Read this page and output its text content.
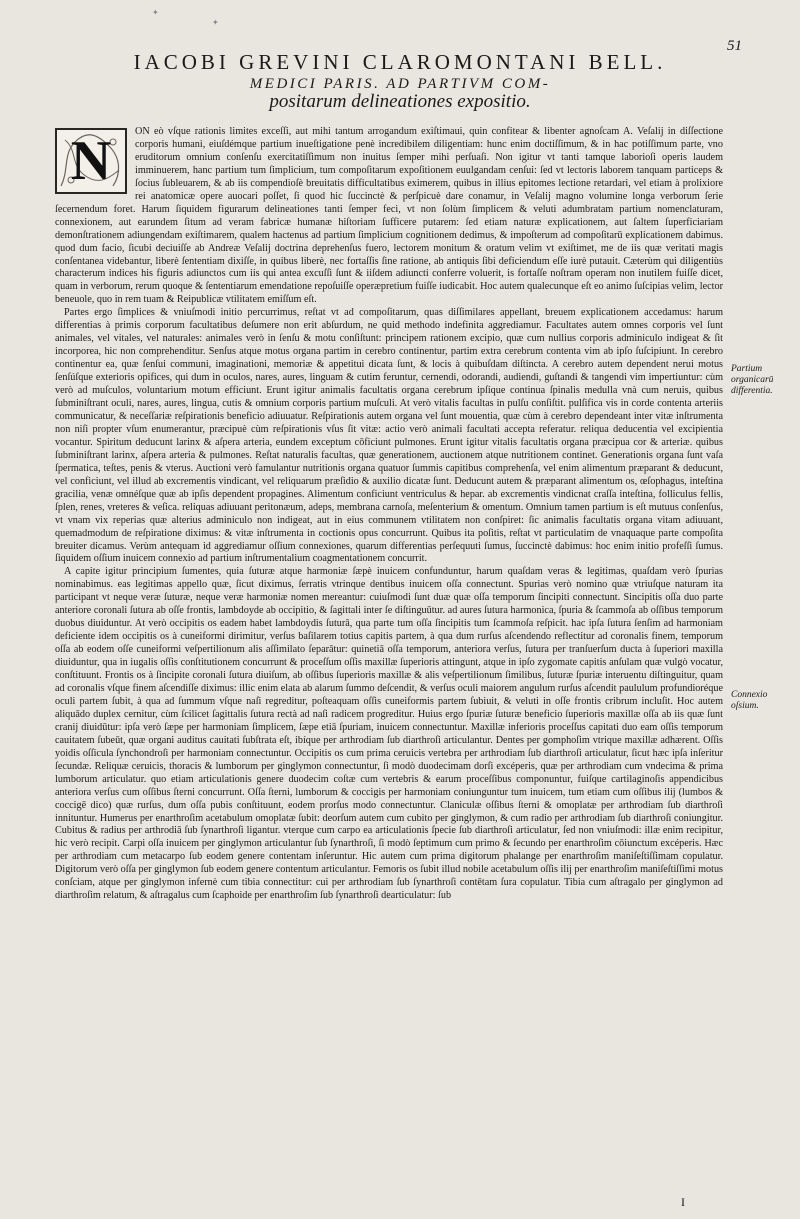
✦
✦
51
IACOBI GREVINI CLAROMONTANI BELL.
MEDICI PARIS. AD PARTIVM COM-
positarum delineationes expositio.
N	ON eò vſque rationis limites exceſſi, aut mihi tantum arrogandum exiſtimaui, quin confitear & libenter agnoſcam A. Veſalij in diſſectione corporis humani, eiuſdémque partium inueſtigatione penè incredibilem diligentiam: hunc enim doctiſſimum, & in hac potiſſimum parte, vno eruditorum omnium conſenſu exercitatiſſimum non inuitus ſemper mihi perſuaſi. Non igitur vt tanti tamque laborioſi operis laudem imminuerem, hanc partium tum ſimplicium, tum compoſitarum expoſitionem euulgandam cenſui: ſed vt lectoris laborem tanquam particeps & ſocius ſubleuarem, & ab iis compendioſè breuitatis difficultatibus eximerem, quibus in illius epitomes lectione retardari, vel etiam à prolixiore rei anatomicæ opere auocari poſſet, ſi quod hic ſuccinctè & perſpicuè dare conamur, in Veſalij magno volumine longa verborum ſerie ſecernendum foret. Harum ſiquidem figurarum delineationes tanti ſemper feci, vt non ſolùm ſimplicem & veluti adumbratam partium nomenclaturam, connexionem, aut earundem ſitum ad veram fabricæ humanæ hiſtoriam ſufficere putarem: ſed etiam naturæ explicationem, aut ſaltem ſuperficiariam demonſtrationem adiungendam exiſtimarem, qualem hactenus ad partium ſimplicium cognitionem dedimus, & impoſterum ad compoſitarū explicationem dabimus. quod dum facio, ſicubi deciuiſſe ab Andreæ Veſalij doctrina deprehenſus fuero, lectorem monitum & oratum velim vt exiſtimet, me de iis quæ veritati magis conſentanea videbantur, liberè ſententiam dixiſſe, in quibus liberè, nec fortaſſis ſine ratione, ab antiquis ſibi deficiendum eſſe iurè putauit. Cæterùm qui diligentiùs characterum indices his figuris adiunctos cum iis qui antea excuſſi ſunt & iiſdem adiuncti conferre voluerit, is fortaſſe noſtram operam non inutilem fuiſſe dicet, quam in verborum, rerum quoque & ſententiarum emendatione repoſuiſſe operæpretium fuiſſe iudicabit. Hoc autem qualecunque eſt eo animo ſuſcipias velim, lector beneuole, quo in rem tuam & Reipublicæ vtilitatem emiſſum eſt.

Partes ergo ſimplices & vniuſmodi initio percurrimus, reſtat vt ad compoſitarum, quas diſſimilares appellant, breuem explicationem accedamus: harum differentias à primis corporum facultatibus deſumere non erit abſurdum, ne quid methodo indefinita aggrediamur. Facultates autem omnes corporis vel ſunt animales, vel vitales, vel naturales: animales verò in ſenſu & motu conſiſtunt: principem rationem excipio, quæ cum nullius corporis adminiculo indigeat & ſit incorporea, hic non comprehenditur. Senſus atque motus organa partim in cerebro continentur, partim extra cerebrum contenta vim ab ipſo ſuſcipiunt. In cerebro continentur ea, quæ ſenſui communi, imaginationi, memoriæ & appetitui dicata ſunt, & locis à quibuſdam diſtincta. A cerebro autem dependent nerui motus ſenſúſque exterioris opifices, qui dum in oculos, nares, aures, linguam & cutim feruntur, cernendi, odorandi, audiendi, guſtandi & tangendi vim impertiuntur: cùm verò ad muſculos, voluntarium motum efficiunt. Erunt igitur animalis facultatis organa cerebrum ipſíque continua ſpinalis medulla vnà cum neruis, quibus ſubminiſtrant oculi, nares, aures, lingua, cutis & omnium corporis partium muſculi. At verò vitalis facultas in pulſu conſiſtit. pulſifica vis in corde contenta arteriis communicatur, & neceſſariæ reſpirationis beneficio adiuuatur. Reſpirationis autem organa vel ſunt mouentia, quæ cùm à cerebro dependeant inter vitæ inſtrumenta non niſi propter vſum enumerantur, præcipuè cùm reſpirationis vſus ſit vitæ: actio verò animali facultati accepta referatur. reliqua deducentia vel excipientia vocantur. Spiritum deducunt larinx & aſpera arteria, eundem exceptum cōficiunt pulmones. Erunt igitur vitalis facultatis organa præcipua cor & arteriæ. quibus ſubminiſtrant larinx, aſpera arteria & pulmones. Reſtat naturalis facultas, quæ generationem, auctionem atque nutritionem continet. Generationis organa ſunt vaſa ſpermatica, teſtes, penis & vterus. Auctioni verò famulantur nutritionis organa quatuor ſummis capitibus comprehenſa, vel enim alimentum præparant & deducunt, vel conficiunt, vel illud ab excrementis vindicant, vel reliquarum præſidio & auxilio dicatæ ſunt. Deducunt autem & præparant alimentum os, œſophagus, inteſtina gracilia, venæ omnéſque quæ ab ipſis dependent propagines. Alimentum conficiunt ventriculus & hepar. ab excrementis vindicnat craſſa inteſtina, folliculus fellis, ſplen, renes, vreteres & veſica. reliquas adiuuant peritonæum, adeps, membrana carnoſa, meſenterium & omentum. Omnium tamen partium is eſt mutuus conſenſus, vt vnam vix reperias quæ alterius adminiculo non indigeat, aut in eius communem vtilitatem non conſpiret: ſic animalis facultatis organa vitam adiuuant, quemadmodum de reſpiratione diximus: & vitæ inſtrumenta in coctionis opus concurrunt. Quibus ita poſitis, reſtat vt particulatim de vnaquaque parte compoſita breuiter dicamus. Verùm antequam id aggrediamur oſſium connexiones, quarum differentias perſequuti ſumus, ſuccinctè dabimus: hoc enim initio profeſſi ſumus. ſiquidem oſſium inuicem connexio ad partium inſtrumentalium coagmentationem concurrit.

A capite igitur principium ſumentes, quia ſuturæ atque harmoniæ ſæpè inuicem confunduntur, harum quaſdam veras & legitimas, quaſdam verò ſpurias nominabimus. eas legitimas appello quæ, ſicut diximus, ſerratis vtrinque dentibus inuicem oſſa connectunt. Spurias verò nomino quæ vtriuſque naturam ita participant vt neque veræ ſuturæ, neque veræ harmoniæ nomen mereantur: cuiuſmodi ſunt duæ quæ oſſa temporum ſincipiti connectunt. Sincipitis oſſa duo parte anteriore coronali ſutura ab oſſe frontis, lambdoyde ab occipitio, & ſagittali inter ſe diſtinguūtur. ad aures ſutura harmonica, ſpuria & ſcammoſa ab oſſibus temporum duobus diuiduntur. At verò occipitis os eadem habet lambdoydis ſuturā, qua parte tum oſſa ſincipitis tum ſcammoſa reſpicit. hac ipſa ſutura ſenſim ad harmoniam deficiente idem occipitis os à cuneiformi dirimitur, verſus baſilarem totius capitis partem, à qua dum rurſus aſcendendo reflectitur ad coronalis finem, temporum oſſa ab eodem oſſe cuneiformi veſpertilionum alis aſſimilato ſeparātur: quinetiā oſſa temporum, anteriora verſus, ſutura per tranſuerſum ducta à ſuperiori maxilla diuiduntur, qua in iugalis oſſis conſtitutionem concurrunt & proceſſum oſſis maxillæ ſuperioris attingunt, atque in ipſo zygomate capitis anſulam quæ vulgò vocatur, conſtituunt. Frontis os à ſincipite coronali ſutura diuiſum, ab oſſibus ſuperioris maxillæ & alis veſpertilionum ſimilibus, ſuturæ ſpuriæ interuentu diſtinguitur, quam ad coronalis vſque finem aſcendiſſe diximus: illic enim elata ab alarum ſummo deſcendit, & verſus oculi maiorem angulum rurſus aſcendit paululum profundioréque oculi partem ſubit, à qua ad ſummum vſque naſi regreditur, poſteaquam oſſis cuneiformis partem ſubiuit, & veluti in oſſe frontis cribrum incluſit. Hoc autem aliquādo duplex cernitur, cùm ſcilicet ſagittalis ſutura rectà ad naſi radicem progreditur. Huius ergo ſpuriæ ſuturæ beneficio ſuperioris maxillæ oſſa ab iis quæ ſunt cranij diuidūtur: ipſa verò ſæpe per harmoniam ſimplicem, ſæpe etiā ſpuriam, inuicem connectuntur. Maxillæ inferioris proceſſus capitati duo eam oſſis temporum cauitatem ſubeūt, quæ organi auditus cauitati ſubſtrata eſt, ibíque per arthrodiam ſub diarthroſi articulantur. Dentes per gomphoſim vtrique maxillæ adhærent. Oſſis yoidis oſſicula ſynchondroſi per harmoniam connectuntur. Occipitis os cum prima ceruicis vertebra per arthrodiam ſub diarthroſi articulatur, ſicut hæc ipſa inſeritur ſecundæ. Reliquæ ceruicis, thoracis & lumborum per ginglymon connectuntur, ſi modò duodecimam dorſi excéperis, quæ per arthrodiam cum vndecima & prima lumborum articulatur. quo etiam articulationis genere duodecim coſtæ cum vertebris & earum proceſſibus componuntur, fuiſque cartilaginoſis appendicibus anteriora verſus cum oſſibus ſterni concurrunt. Oſſa ſterni, lumborum & coccigis per harmoniam coniunguntur tum inuicem, tum etiam cum oſſibus ilij (lumbos & coccigē dico) quæ rurſus, dum oſſa pubis conſtituunt, eodem prorſus modo connectuntur. Claniculæ oſſibus ſterni & omoplatæ per arthrodiam ſub diarthroſi innituntur. Humerus per enarthroſim acetabulum omoplatæ ſubit: deorſum autem cum cubito per ginglymon, & cum radio per arthrodiam ſub diarthroſi coniungitur. Cubitus & radius per arthrodiā ſub ſynarthroſi ligantur. vterque cum carpo ea articulationis ſpecie ſub diarthroſi articulatur, ſed non vniuſmodi: illæ enim recipitur, hic verò recipit. Carpi oſſa inuicem per ginglymon articulantur ſub ſynarthroſi, ſi modò ſeptimum cum primo & ſecundo per enarthroſim cōiunctum excéperis. Hæc per arthrodiam cum metacarpo ſub eodem genere contentam inſeruntur. Hic autem cum prima digitorum phalange per enarthroſim maniſeſtiſſimam copulatur. Digitorum verò oſſa per ginglymon ſub eodem genere contentum articulantur. Femoris os ſubit illud nobile acetabulum oſſis ilij per enarthroſim maniſeſtiſſimi motus conſciam, atque per ginglymon infernè cum tibia connectitur: cui per arthrodiam ſub ſynarthroſi contētam ſura copulatur. Tibia cum aſtragalo per ginglymon ad diarthroſim relatum, & aſtragalus cum ſcaphoide per enarthroſim ſub ſynarthroſi dearticulatur: ſub

Partium organicarū differentia.
Connexio oſsium.
I
